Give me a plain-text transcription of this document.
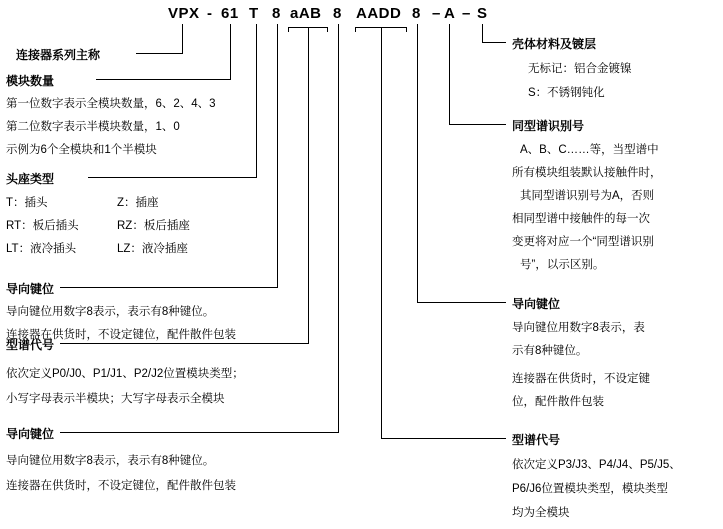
VPX - 61 T 8 aAB 8 AADD 8 – A – S
连接器系列主称
模块数量
第一位数字表示全模块数量，6、2、4、3
第二位数字表示半模块数量，1、0
示例为6个全模块和1个半模块
头座类型
T：插头	Z：插座
RT：板后插头	RZ：板后插座
LT：液冷插头	LZ：液冷插座
导向键位
导向键位用数字8表示，表示有8种键位。
连接器在供货时，不设定键位，配件散件包装
型谱代号
依次定义P0/J0、P1/J1、P2/J2位置模块类型；
小写字母表示半模块；大写字母表示全模块
导向键位
导向键位用数字8表示，表示有8种键位。
连接器在供货时，不设定键位，配件散件包装
壳体材料及镀层
无标记：铝合金镀镍
S：不锈钢钝化
同型谱识别号
A、B、C……等，当型谱中
所有模块组装默认接触件时，
其同型谱识别号为A，否则
相同型谱中接触件的每一次
变更将对应一个“同型谱识别
号”，以示区别。
导向键位
导向键位用数字8表示，表
示有8种键位。
连接器在供货时，不设定键
位，配件散件包装
型谱代号
依次定义P3/J3、P4/J4、P5/J5、
P6/J6位置模块类型，模块类型
均为全模块
